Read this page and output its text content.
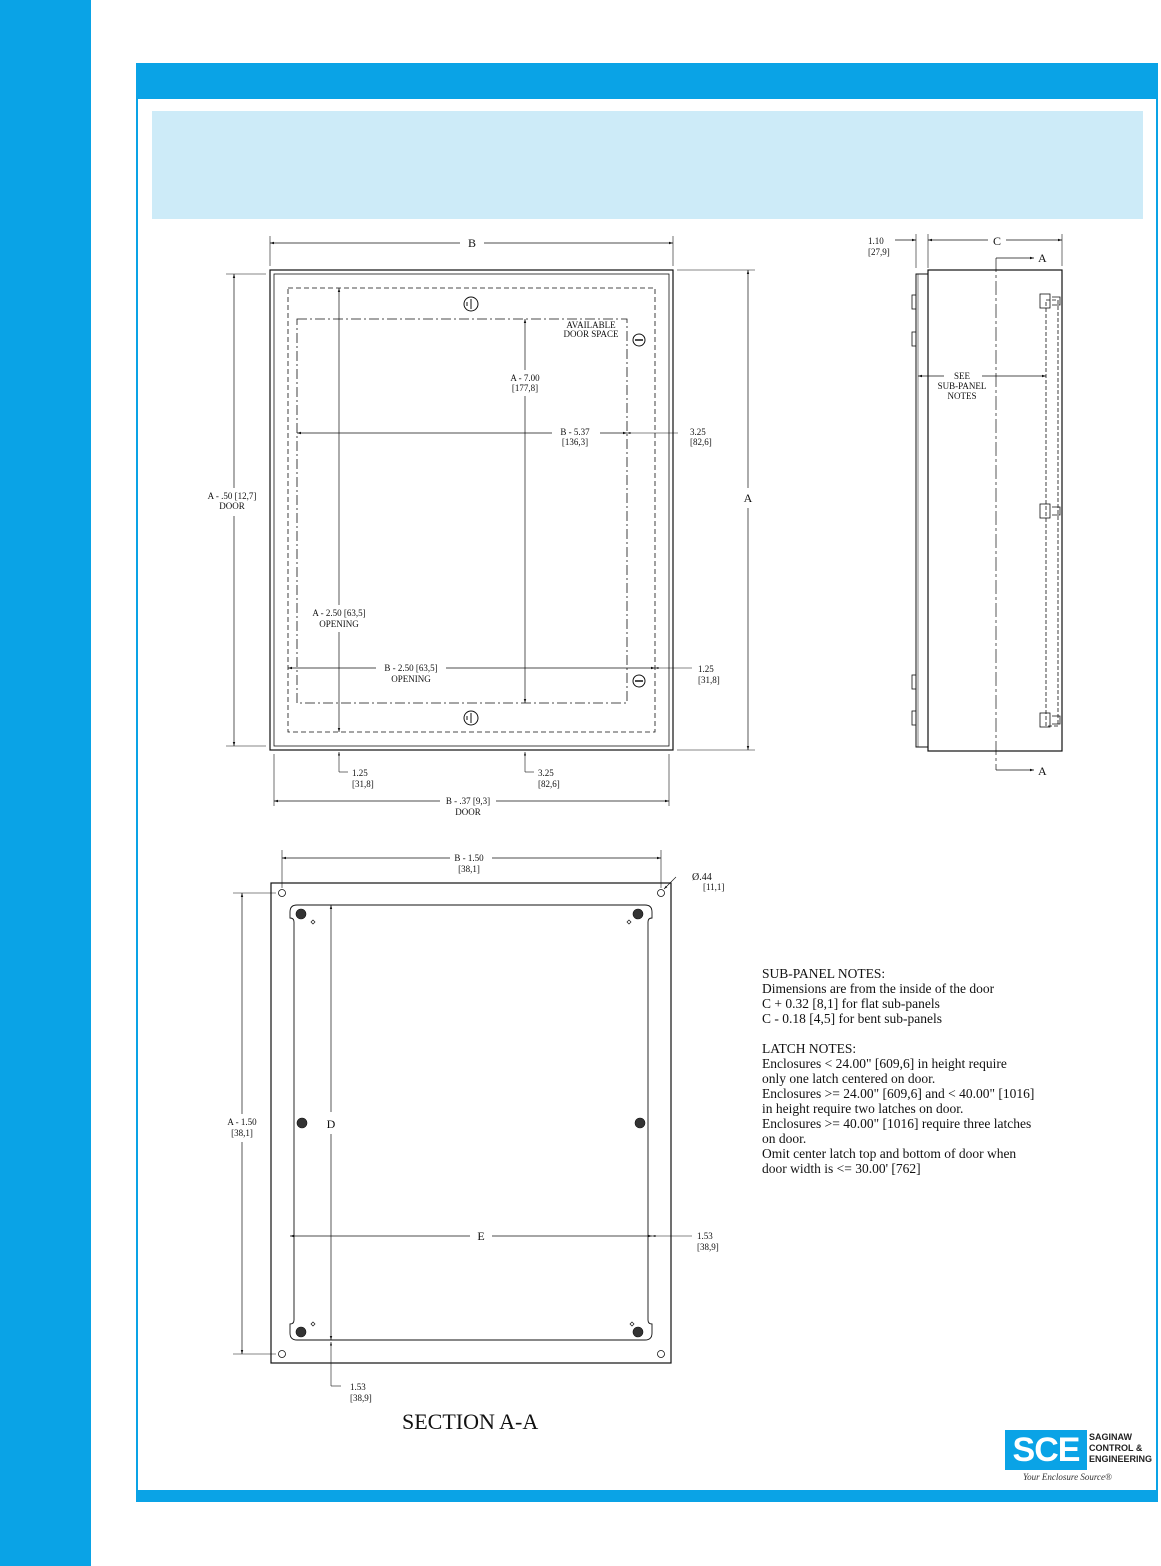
B
A
A - .50 [12,7]
DOOR
AVAILABLE
DOOR SPACE
A - 7.00
[177,8]
B - 5.37
[136,3]
3.25
[82,6]
A - 2.50 [63,5]
OPENING
B - 2.50 [63,5]
OPENING
1.25
[31,8]
1.25
[31,8]
3.25
[82,6]
B - .37 [9,3]
DOOR
C
1.10
[27,9]	A
A
SEE
SUB-PANEL
NOTES
B - 1.50
[38,1]
Ø.44
[11,1]
A - 1.50
[38,1]
D
E	1.53
[38,9]
1.53
[38,9]
SECTION A-A
SUB-PANEL NOTES:
Dimensions are from the inside of the door
C + 0.32 [8,1] for flat sub-panels
C - 0.18 [4,5] for bent sub-panels
LATCH NOTES:
Enclosures < 24.00" [609,6] in height require
only one latch centered on door.
Enclosures >= 24.00" [609,6] and < 40.00" [1016]
in height require two latches on door.
Enclosures >= 40.00" [1016] require three latches
on door.
Omit center latch top and bottom of door when
door width is <= 30.00' [762]
SCE	SAGINAW
CONTROL &
ENGINEERING
Your Enclosure Source®
